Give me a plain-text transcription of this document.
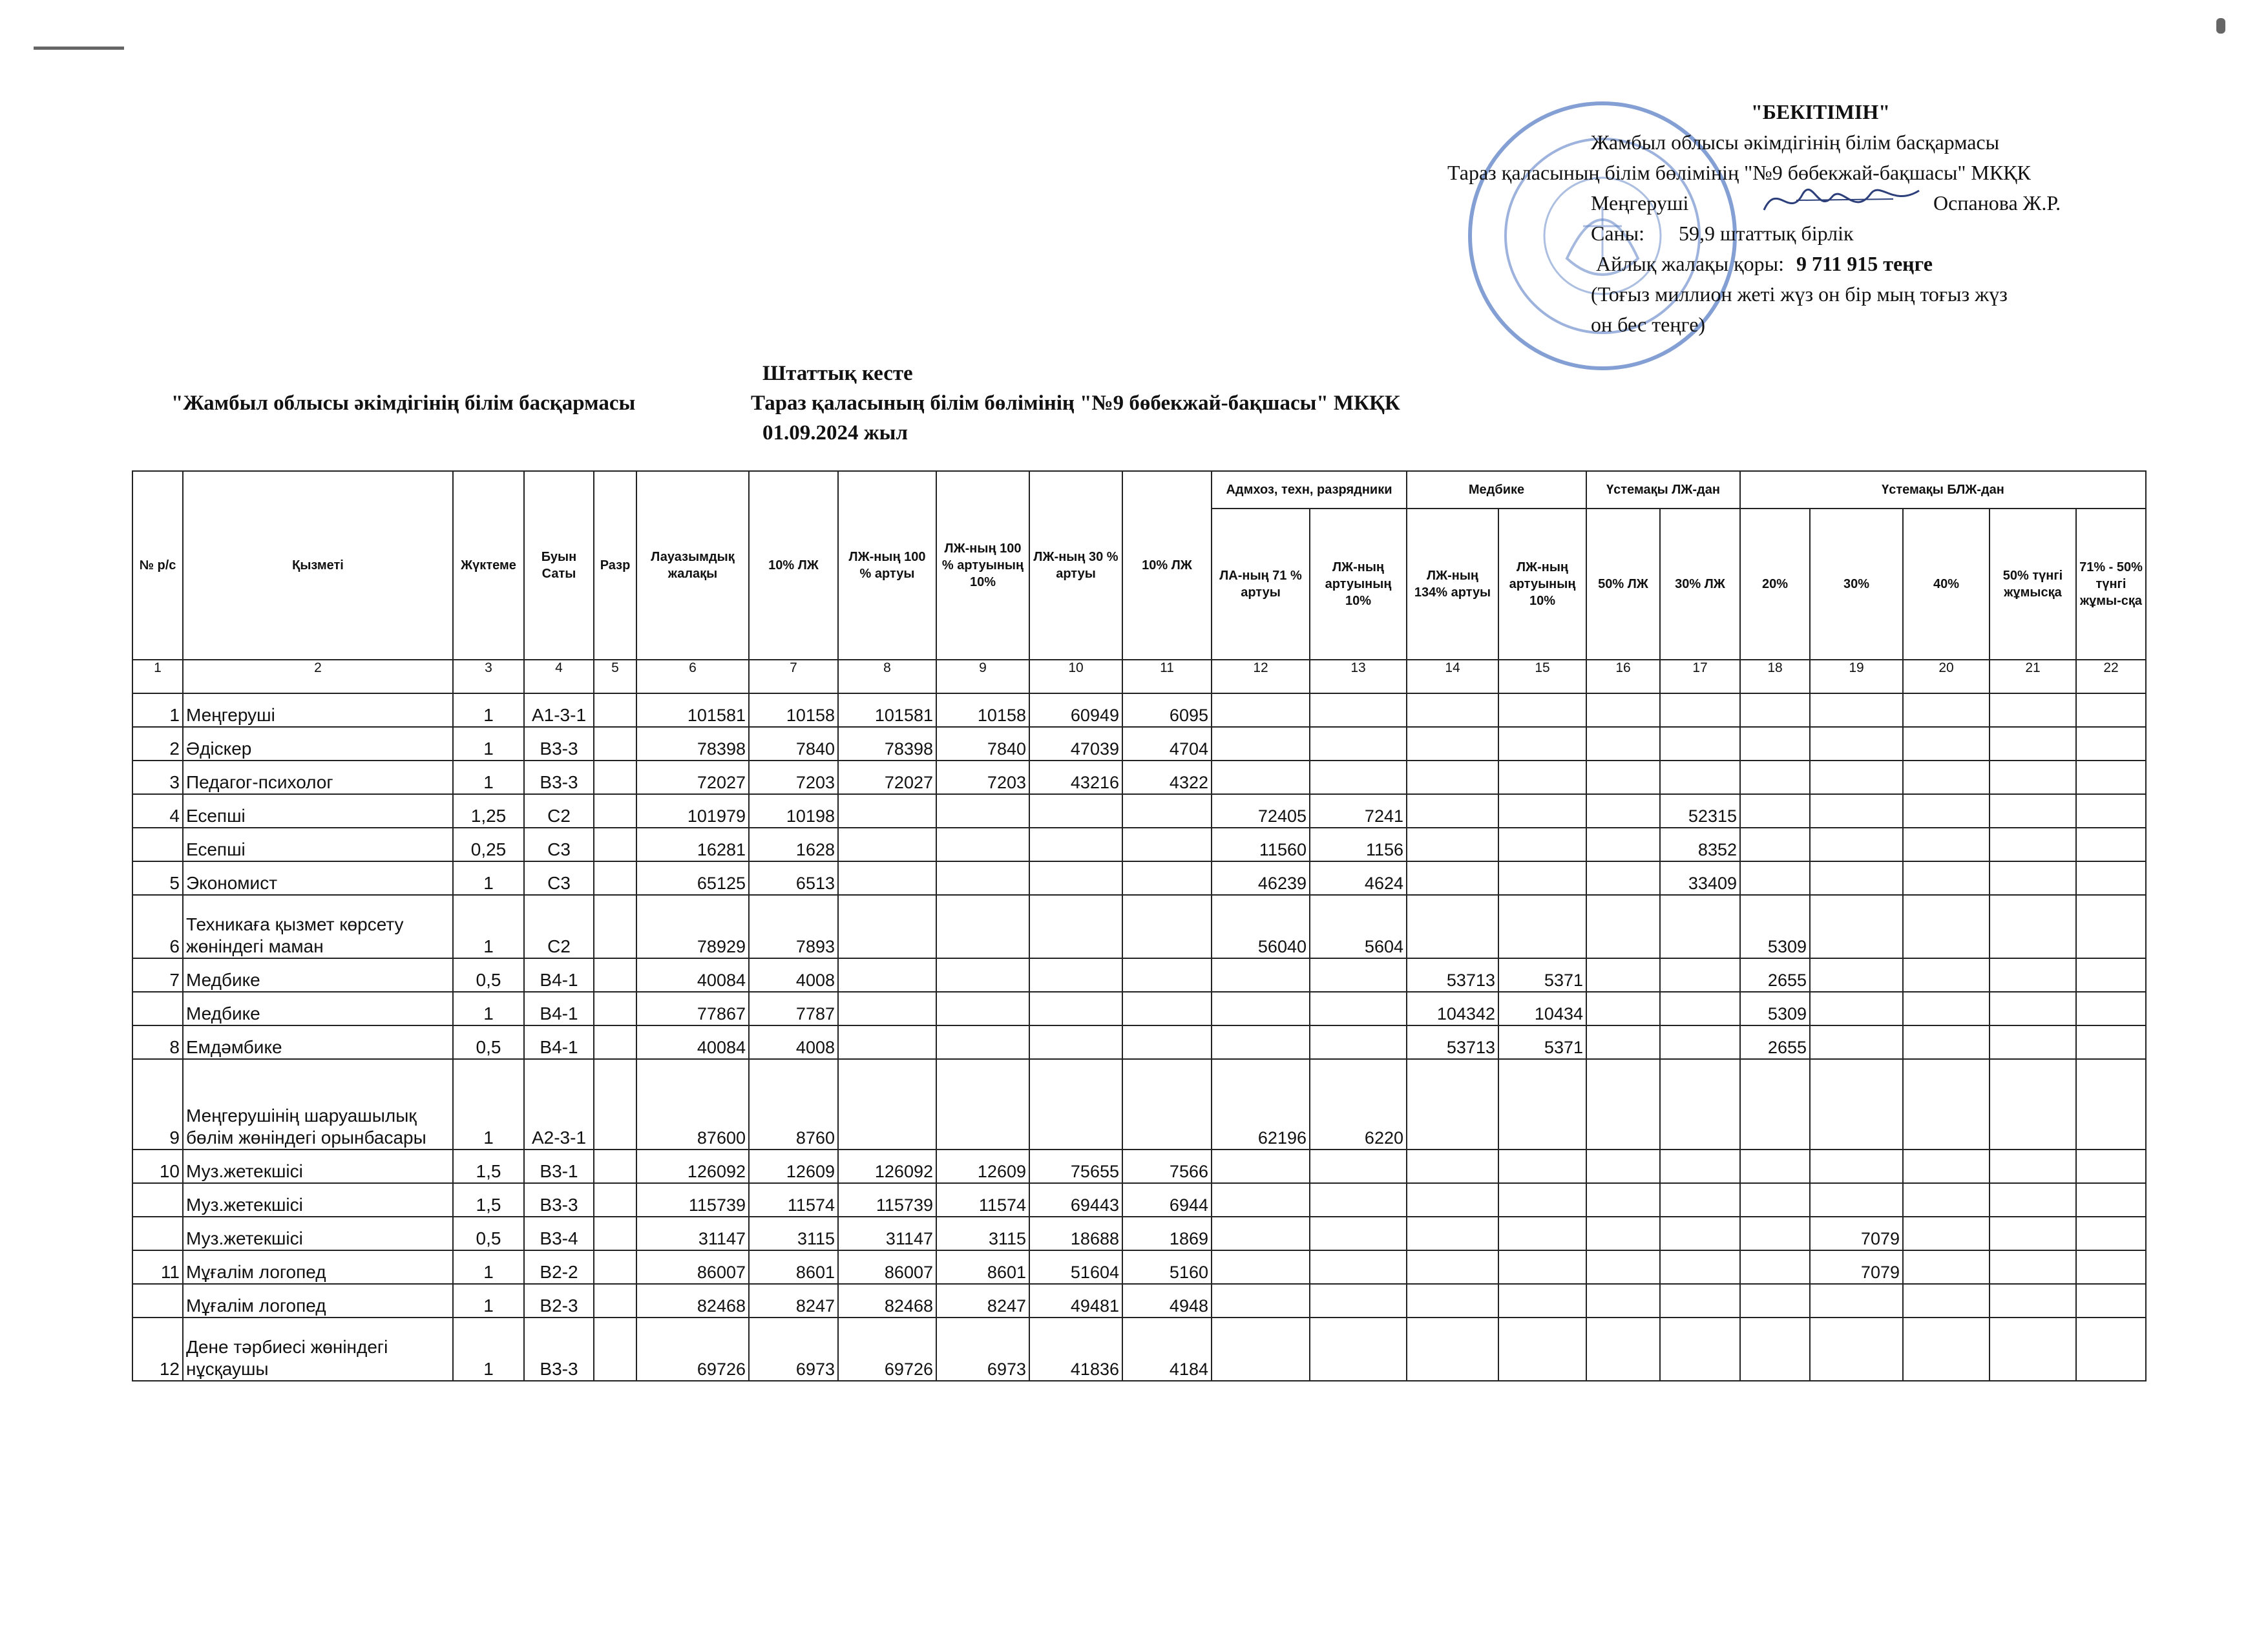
"БЕКІТІМІН"
Жамбыл облысы әкімдігінің білім басқармасы
Тараз қаласының білім бөлімінің "№9 бөбекжай-бақшасы" МКҚК
Меңгеруші	Оспанова Ж.Р.
Саны: 59,9 штаттық бірлік
Айлық жалақы қоры: 9 711 915 теңге
(Тоғыз миллион жеті жүз он бір мың тоғыз жүз
он бес теңге)
Штаттық кесте
"Жамбыл облысы әкімдігінің білім басқармасы	Тараз қаласының білім бөлімінің "№9 бөбекжай-бақшасы" МКҚК
01.09.2024 жыл
№ р/с	Қызметі	Жүктеме	Буын Саты	Разр	Лауазымдық жалақы	10% ЛЖ	ЛЖ-ның 100 % артуы	ЛЖ-ның 100 % артуының 10%	ЛЖ-ның 30 % артуы	10% ЛЖ	Адмхоз, техн, разрядники		Медбике		Үстемақы ЛЖ-дан		Үстемақы БЛЖ-дан				
											ЛА-ның 71 % артуы	ЛЖ-ның артуының 10%	ЛЖ-ның 134% артуы	ЛЖ-ның артуының 10%	50% ЛЖ	30% ЛЖ	20%	30%	40%	50% түнгі жұмысқа	71% - 50% түнгі жұмы-сқа
1	2	3	4	5	6	7	8	9	10	11	12	13	14	15	16	17	18	19	20	21	22
1	Меңгеруші	1	А1-3-1		101581	10158	101581	10158	60949	6095											
2	Әдіскер	1	В3-3		78398	7840	78398	7840	47039	4704											
3	Педагог-психолог	1	В3-3		72027	7203	72027	7203	43216	4322											
4	Есепші	1,25	С2		101979	10198					72405	7241				52315					
	Есепші	0,25	С3		16281	1628					11560	1156				8352					
5	Экономист	1	С3		65125	6513					46239	4624				33409					
6	Техникаға қызмет көрсету жөніндегі маман	1	С2		78929	7893					56040	5604					5309				
7	Медбике	0,5	В4-1		40084	4008							53713	5371			2655				
	Медбике	1	В4-1		77867	7787							104342	10434			5309				
8	Емдәмбике	0,5	В4-1		40084	4008							53713	5371			2655				
9	Меңгерушінің шаруашылық бөлім жөніндегі орынбасары	1	А2-3-1		87600	8760					62196	6220									
10	Муз.жетекшісі	1,5	В3-1		126092	12609	126092	12609	75655	7566											
	Муз.жетекшісі	1,5	В3-3		115739	11574	115739	11574	69443	6944											
	Муз.жетекшісі	0,5	В3-4		31147	3115	31147	3115	18688	1869								7079			
11	Мұғалім логопед	1	В2-2		86007	8601	86007	8601	51604	5160								7079			
	Мұғалім логопед	1	В2-3		82468	8247	82468	8247	49481	4948											
12	Дене тәрбиесі жөніндегі нұсқаушы	1	В3-3		69726	6973	69726	6973	41836	4184											
